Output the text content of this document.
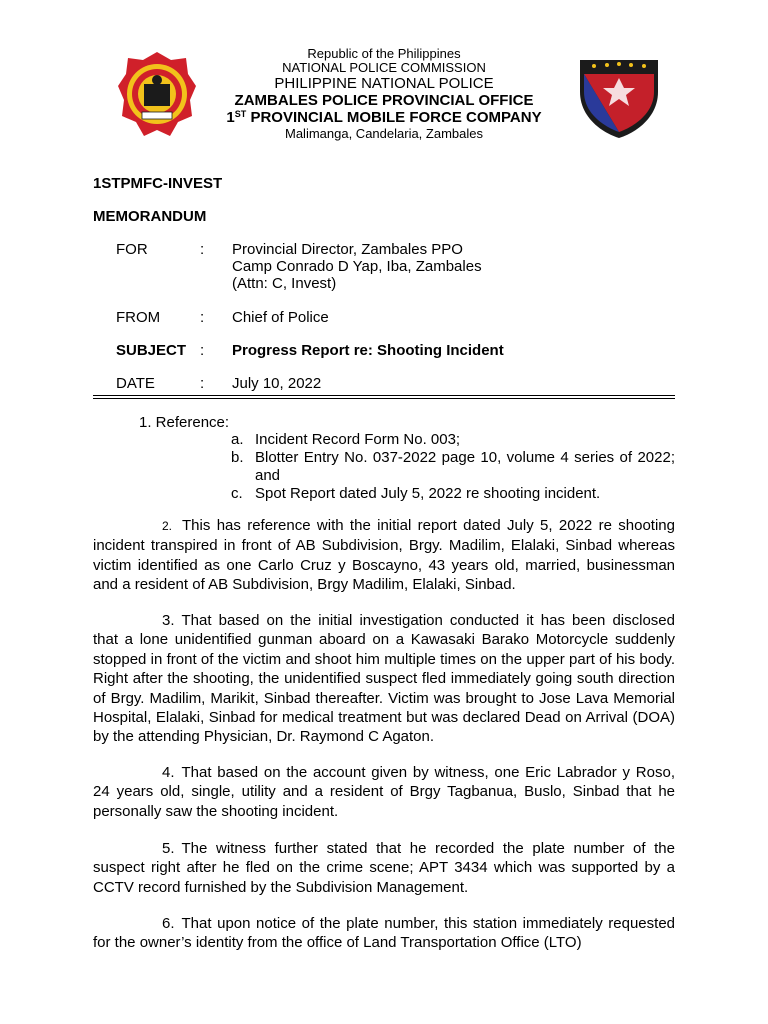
Republic of the Philippines
NATIONAL POLICE COMMISSION
PHILIPPINE NATIONAL POLICE
ZAMBALES POLICE PROVINCIAL OFFICE
1ST PROVINCIAL MOBILE FORCE COMPANY
Malimanga, Candelaria, Zambales
1STPMFC-INVEST
MEMORANDUM
FOR	: Provincial Director, Zambales PPO
Camp Conrado D Yap, Iba, Zambales
(Attn: C, Invest)
FROM	: Chief of Police
SUBJECT : Progress Report re: Shooting Incident
DATE	: July 10, 2022
1. Reference:
a. Incident Record Form No. 003;
b. Blotter Entry No. 037-2022 page 10, volume 4 series of 2022; and
c. Spot Report dated July 5, 2022 re shooting incident.
2. This has reference with the initial report dated July 5, 2022 re shooting incident transpired in front of AB Subdivision, Brgy. Madilim, Elalaki, Sinbad whereas victim identified as one Carlo Cruz y Boscayno, 43 years old, married, businessman and a resident of AB Subdivision, Brgy Madilim, Elalaki, Sinbad.
3. That based on the initial investigation conducted it has been disclosed that a lone unidentified gunman aboard on a Kawasaki Barako Motorcycle suddenly stopped in front of the victim and shoot him multiple times on the upper part of his body. Right after the shooting, the unidentified suspect fled immediately going south direction of Brgy. Madilim, Marikit, Sinbad thereafter. Victim was brought to Jose Lava Memorial Hospital, Elalaki, Sinbad for medical treatment but was declared Dead on Arrival (DOA) by the attending Physician, Dr. Raymond C Agaton.
4. That based on the account given by witness, one Eric Labrador y Roso, 24 years old, single, utility and a resident of Brgy Tagbanua, Buslo, Sinbad that he personally saw the shooting incident.
5. The witness further stated that he recorded the plate number of the suspect right after he fled on the crime scene; APT 3434 which was supported by a CCTV record furnished by the Subdivision Management.
6. That upon notice of the plate number, this station immediately requested for the owner’s identity from the office of Land Transportation Office (LTO)
